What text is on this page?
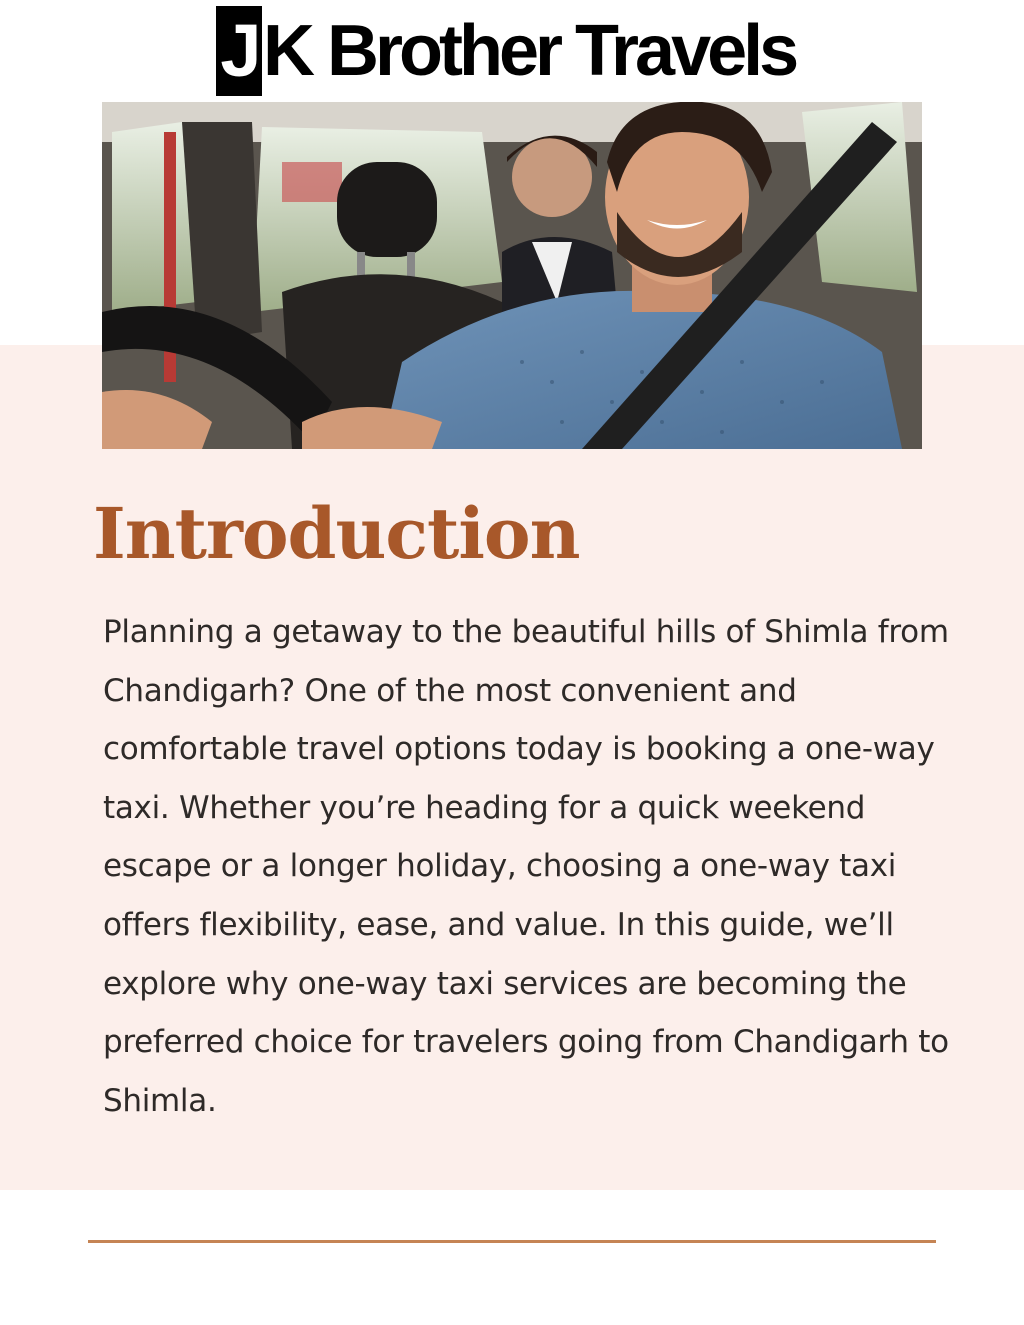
J K Brother Travels
Introduction
Planning a getaway to the beautiful hills of Shimla from
Chandigarh? One of the most convenient and
comfortable travel options today is booking a one-way
taxi. Whether you’re heading for a quick weekend
escape or a longer holiday, choosing a one-way taxi
offers flexibility, ease, and value. In this guide, we’ll
explore why one-way taxi services are becoming the
preferred choice for travelers going from Chandigarh to
Shimla.
